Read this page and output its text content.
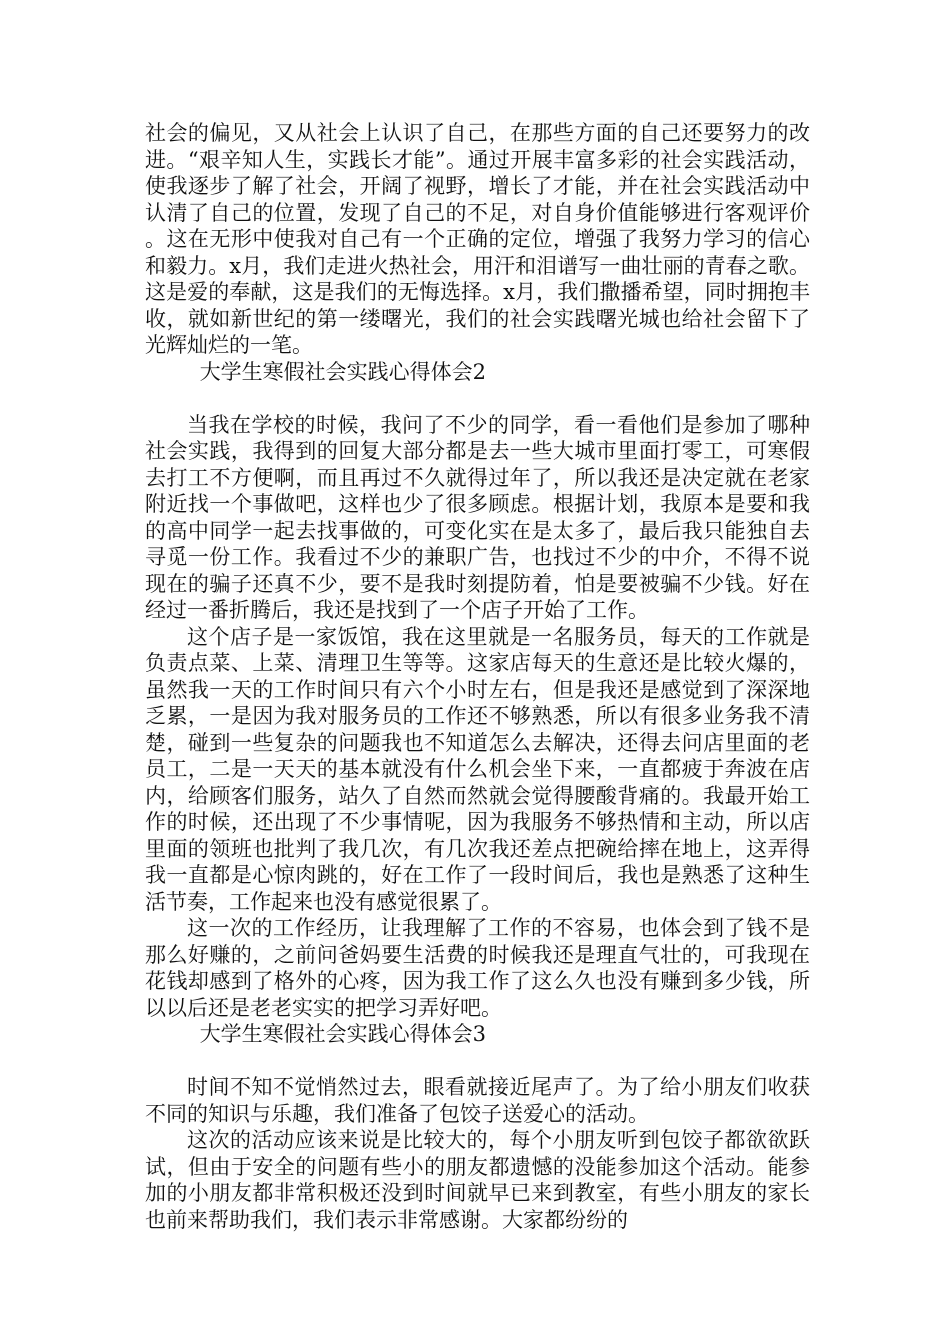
社会的偏见，又从社会上认识了自己，在那些方面的自己还要努力的改进。“艰辛知人生，实践长才能”。通过开展丰富多彩的社会实践活动，使我逐步了解了社会，开阔了视野，增长了才能，并在社会实践活动中认清了自己的位置，发现了自己的不足，对自身价值能够进行客观评价。这在无形中使我对自己有一个正确的定位，增强了我努力学习的信心和毅力。x月，我们走进火热社会，用汗和泪谱写一曲壮丽的青春之歌。这是爱的奉献，这是我们的无悔选择。x月，我们撒播希望，同时拥抱丰收，就如新世纪的第一缕曙光，我们的社会实践曙光城也给社会留下了光辉灿烂的一笔。

大学生寒假社会实践心得体会2

当我在学校的时候，我问了不少的同学，看一看他们是参加了哪种社会实践，我得到的回复大部分都是去一些大城市里面打零工，可寒假去打工不方便啊，而且再过不久就得过年了，所以我还是决定就在老家附近找一个事做吧，这样也少了很多顾虑。根据计划，我原本是要和我的高中同学一起去找事做的，可变化实在是太多了，最后我只能独自去寻觅一份工作。我看过不少的兼职广告，也找过不少的中介，不得不说现在的骗子还真不少，要不是我时刻提防着，怕是要被骗不少钱。好在经过一番折腾后，我还是找到了一个店子开始了工作。

这个店子是一家饭馆，我在这里就是一名服务员，每天的工作就是负责点菜、上菜、清理卫生等等。这家店每天的生意还是比较火爆的，虽然我一天的工作时间只有六个小时左右，但是我还是感觉到了深深地乏累，一是因为我对服务员的工作还不够熟悉，所以有很多业务我不清楚，碰到一些复杂的问题我也不知道怎么去解决，还得去问店里面的老员工，二是一天天的基本就没有什么机会坐下来，一直都疲于奔波在店内，给顾客们服务，站久了自然而然就会觉得腰酸背痛的。我最开始工作的时候，还出现了不少事情呢，因为我服务不够热情和主动，所以店里面的领班也批判了我几次，有几次我还差点把碗给摔在地上，这弄得我一直都是心惊肉跳的，好在工作了一段时间后，我也是熟悉了这种生活节奏，工作起来也没有感觉很累了。

这一次的工作经历，让我理解了工作的不容易，也体会到了钱不是那么好赚的，之前问爸妈要生活费的时候我还是理直气壮的，可我现在花钱却感到了格外的心疼，因为我工作了这么久也没有赚到多少钱，所以以后还是老老实实的把学习弄好吧。

大学生寒假社会实践心得体会3

时间不知不觉悄然过去，眼看就接近尾声了。为了给小朋友们收获不同的知识与乐趣，我们准备了包饺子送爱心的活动。

这次的活动应该来说是比较大的，每个小朋友听到包饺子都欲欲跃试，但由于安全的问题有些小的朋友都遗憾的没能参加这个活动。能参加的小朋友都非常积极还没到时间就早已来到教室，有些小朋友的家长也前来帮助我们，我们表示非常感谢。大家都纷纷的
